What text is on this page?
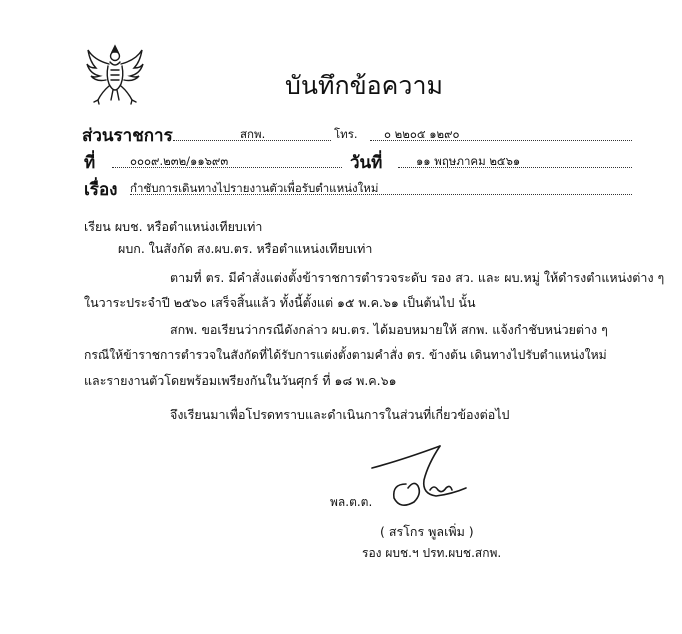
บันทึกข้อความ
ส่วนราชการ	สกพ.	โทร. ๐ ๒๒๐๕ ๑๒๙๐
ที่	๐๐๐๙.๒๓๒/๑๑๖๙๓	วันที่	๑๑ พฤษภาคม ๒๕๖๑
เรื่อง กำชับการเดินทางไปรายงานตัวเพื่อรับตำแหน่งใหม่
เรียน ผบช. หรือตำแหน่งเทียบเท่า
ผบก. ในสังกัด สง.ผบ.ตร. หรือตำแหน่งเทียบเท่า
ตามที่ ตร. มีคำสั่งแต่งตั้งข้าราชการตำรวจระดับ รอง สว. และ ผบ.หมู่ ให้ดำรงตำแหน่งต่าง ๆ
ในวาระประจำปี ๒๕๖๐ เสร็จสิ้นแล้ว ทั้งนี้ตั้งแต่ ๑๕ พ.ค.๖๑ เป็นต้นไป นั้น
สกพ. ขอเรียนว่ากรณีดังกล่าว ผบ.ตร. ได้มอบหมายให้ สกพ. แจ้งกำชับหน่วยต่าง ๆ
กรณีให้ข้าราชการตำรวจในสังกัดที่ได้รับการแต่งตั้งตามคำสั่ง ตร. ข้างต้น เดินทางไปรับตำแหน่งใหม่
และรายงานตัวโดยพร้อมเพรียงกันในวันศุกร์ ที่ ๑๘ พ.ค.๖๑
จึงเรียนมาเพื่อโปรดทราบและดำเนินการในส่วนที่เกี่ยวข้องต่อไป
พล.ต.ต.
( สรโกร พูลเพิ่ม )
รอง ผบช.ฯ ปรท.ผบช.สกพ.
